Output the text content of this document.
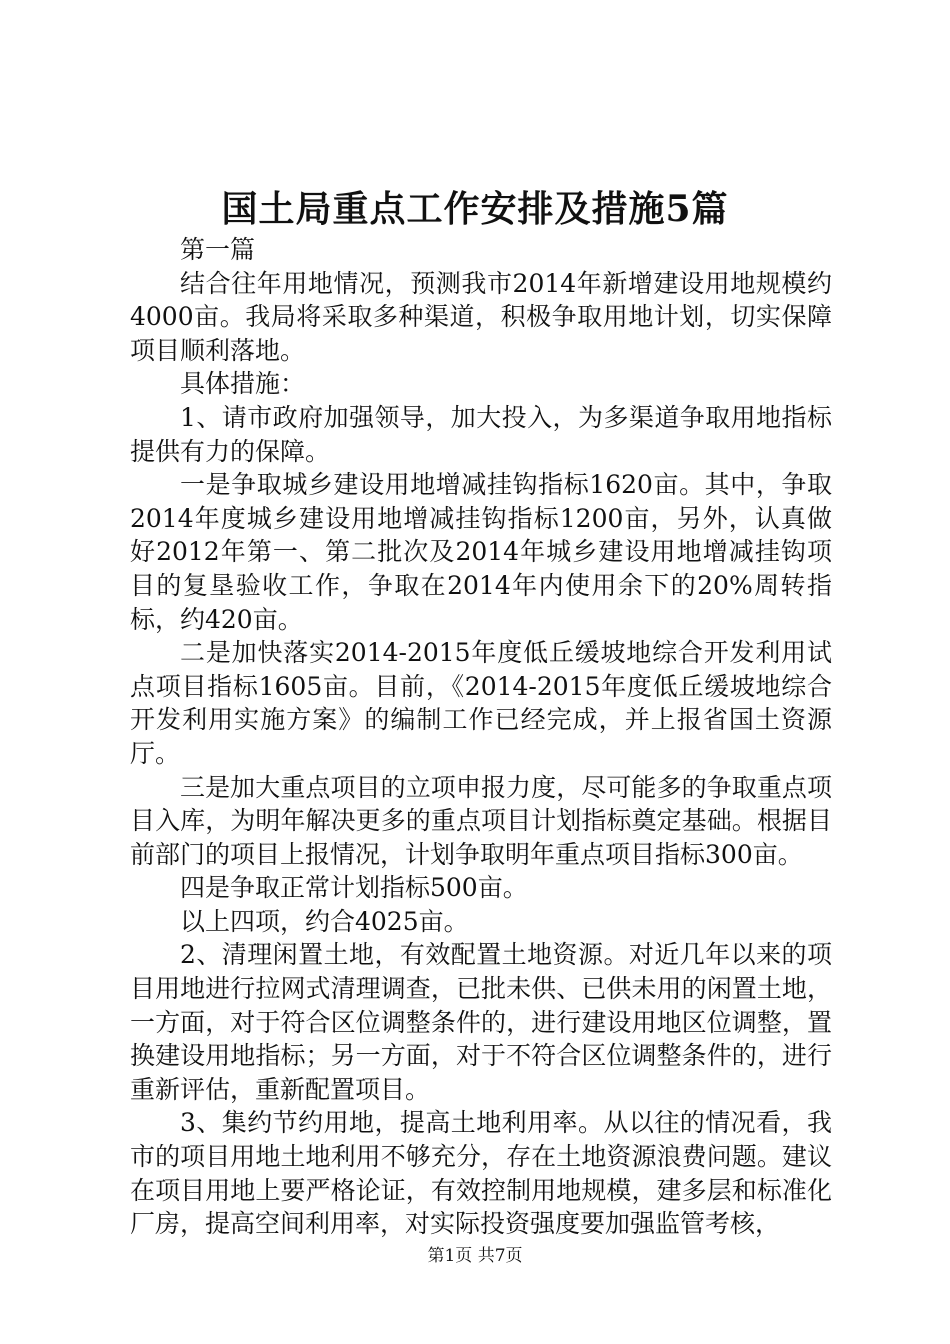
国土局重点工作安排及措施5篇

第一篇

结合往年用地情况，预测我市2014年新增建设用地规模约4000亩。我局将采取多种渠道，积极争取用地计划，切实保障项目顺利落地。

具体措施：

1、请市政府加强领导，加大投入，为多渠道争取用地指标提供有力的保障。

一是争取城乡建设用地增减挂钩指标1620亩。其中，争取2014年度城乡建设用地增减挂钩指标1200亩，另外，认真做好2012年第一、第二批次及2014年城乡建设用地增减挂钩项目的复垦验收工作，争取在2014年内使用余下的20%周转指标，约420亩。

二是加快落实2014-2015年度低丘缓坡地综合开发利用试点项目指标1605亩。目前，《2014-2015年度低丘缓坡地综合开发利用实施方案》的编制工作已经完成，并上报省国土资源厅。

三是加大重点项目的立项申报力度，尽可能多的争取重点项目入库，为明年解决更多的重点项目计划指标奠定基础。根据目前部门的项目上报情况，计划争取明年重点项目指标300亩。

四是争取正常计划指标500亩。

以上四项，约合4025亩。

2、清理闲置土地，有效配置土地资源。对近几年以来的项目用地进行拉网式清理调查，已批未供、已供未用的闲置土地，一方面，对于符合区位调整条件的，进行建设用地区位调整，置换建设用地指标；另一方面，对于不符合区位调整条件的，进行重新评估，重新配置项目。

3、集约节约用地，提高土地利用率。从以往的情况看，我市的项目用地土地利用不够充分，存在土地资源浪费问题。建议在项目用地上要严格论证，有效控制用地规模，建多层和标准化厂房，提高空间利用率，对实际投资强度要加强监管考核，

第1页 共7页
